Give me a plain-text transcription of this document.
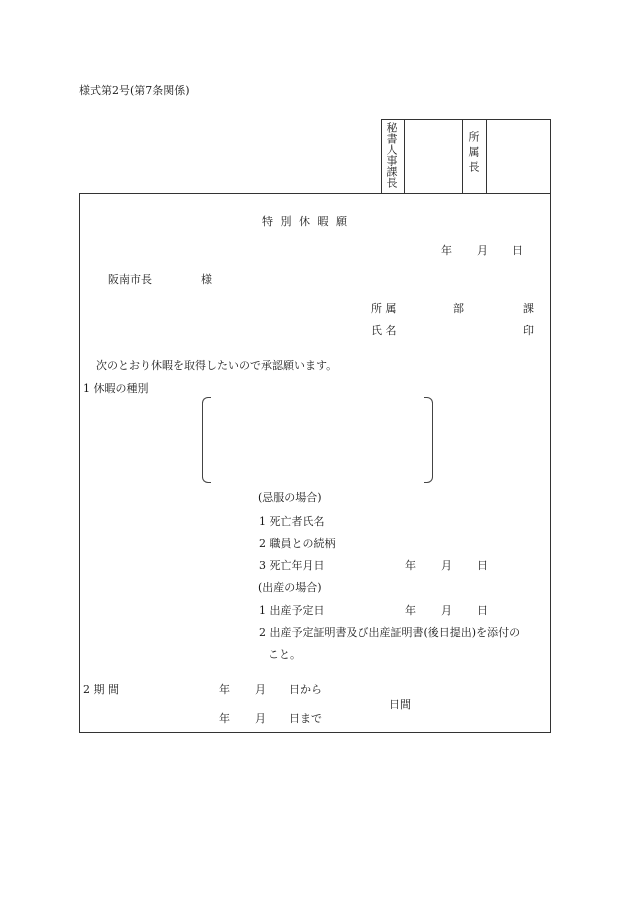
様式第2号(第7条関係)
秘書人事課長	所属長
特 別 休 暇 願
年 月 日
阪南市長	様
所 属	部	課
氏 名	印
次のとおり休暇を取得したいので承認願います。
1 休暇の種別
(忌服の場合)
1 死亡者氏名
2 職員との続柄
3 死亡年月日	年 月 日
(出産の場合)
1 出産予定日	年 月 日
2 出産予定証明書及び出産証明書(後日提出)を添付の
こと。
2 期 間	年 月 日から
日間
年 月 日まで
